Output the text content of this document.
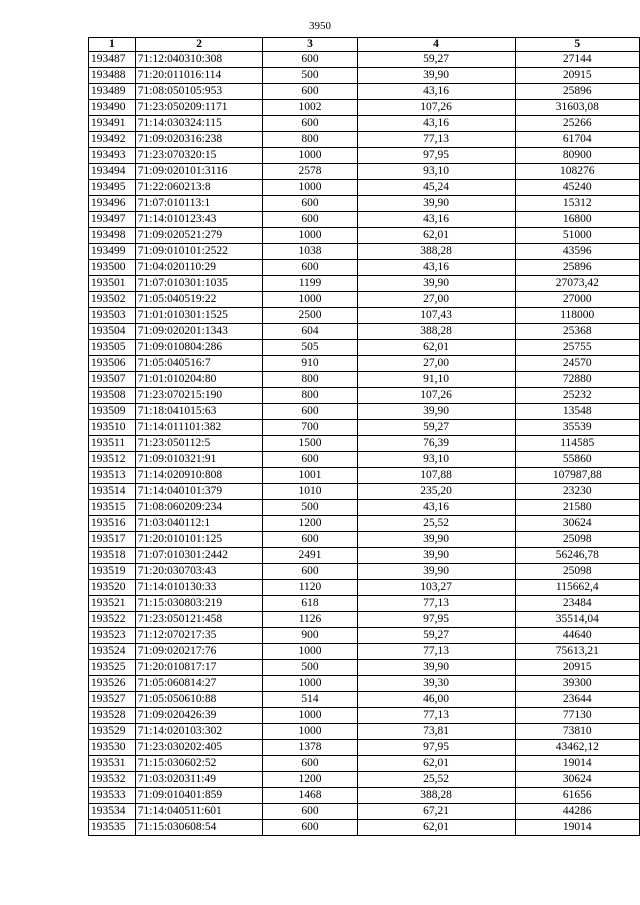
3950
1	2	3	4	5
193487	71:12:040310:308	600	59,27	27144
193488	71:20:011016:114	500	39,90	20915
193489	71:08:050105:953	600	43,16	25896
193490	71:23:050209:1171	1002	107,26	31603,08
193491	71:14:030324:115	600	43,16	25266
193492	71:09:020316:238	800	77,13	61704
193493	71:23:070320:15	1000	97,95	80900
193494	71:09:020101:3116	2578	93,10	108276
193495	71:22:060213:8	1000	45,24	45240
193496	71:07:010113:1	600	39,90	15312
193497	71:14:010123:43	600	43,16	16800
193498	71:09:020521:279	1000	62,01	51000
193499	71:09:010101:2522	1038	388,28	43596
193500	71:04:020110:29	600	43,16	25896
193501	71:07:010301:1035	1199	39,90	27073,42
193502	71:05:040519:22	1000	27,00	27000
193503	71:01:010301:1525	2500	107,43	118000
193504	71:09:020201:1343	604	388,28	25368
193505	71:09:010804:286	505	62,01	25755
193506	71:05:040516:7	910	27,00	24570
193507	71:01:010204:80	800	91,10	72880
193508	71:23:070215:190	800	107,26	25232
193509	71:18:041015:63	600	39,90	13548
193510	71:14:011101:382	700	59,27	35539
193511	71:23:050112:5	1500	76,39	114585
193512	71:09:010321:91	600	93,10	55860
193513	71:14:020910:808	1001	107,88	107987,88
193514	71:14:040101:379	1010	235,20	23230
193515	71:08:060209:234	500	43,16	21580
193516	71:03:040112:1	1200	25,52	30624
193517	71:20:010101:125	600	39,90	25098
193518	71:07:010301:2442	2491	39,90	56246,78
193519	71:20:030703:43	600	39,90	25098
193520	71:14:010130:33	1120	103,27	115662,4
193521	71:15:030803:219	618	77,13	23484
193522	71:23:050121:458	1126	97,95	35514,04
193523	71:12:070217:35	900	59,27	44640
193524	71:09:020217:76	1000	77,13	75613,21
193525	71:20:010817:17	500	39,90	20915
193526	71:05:060814:27	1000	39,30	39300
193527	71:05:050610:88	514	46,00	23644
193528	71:09:020426:39	1000	77,13	77130
193529	71:14:020103:302	1000	73,81	73810
193530	71:23:030202:405	1378	97,95	43462,12
193531	71:15:030602:52	600	62,01	19014
193532	71:03:020311:49	1200	25,52	30624
193533	71:09:010401:859	1468	388,28	61656
193534	71:14:040511:601	600	67,21	44286
193535	71:15:030608:54	600	62,01	19014
